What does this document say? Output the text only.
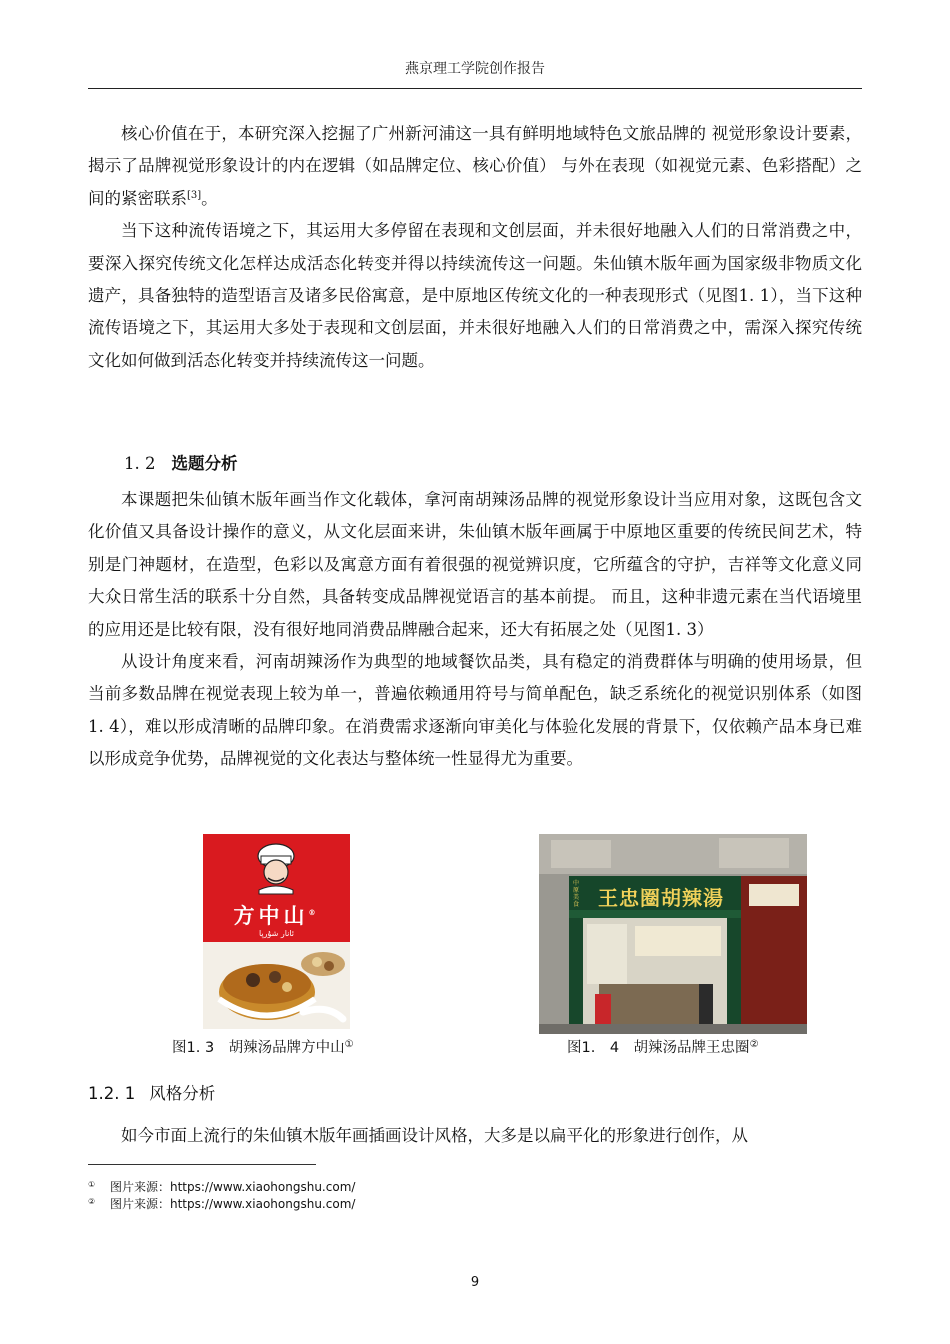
燕京理工学院创作报告

核心价值在于，本研究深入挖掘了广州新河浦这一具有鲜明地域特色文旅品牌的 视觉形象设计要素，揭示了品牌视觉形象设计的内在逻辑（如品牌定位、核心价值） 与外在表现（如视觉元素、色彩搭配）之间的紧密联系[3]。

当下这种流传语境之下，其运用大多停留在表现和文创层面，并未很好地融入人们的日常消费之中，要深入探究传统文化怎样达成活态化转变并得以持续流传这一问题。朱仙镇木版年画为国家级非物质文化遗产，具备独特的造型语言及诸多民俗寓意，是中原地区传统文化的一种表现形式（见图1. 1），当下这种流传语境之下，其运用大多处于表现和文创层面，并未很好地融入人们的日常消费之中，需深入探究传统文化如何做到活态化转变并持续流传这一问题。

1. 2 选题分析

本课题把朱仙镇木版年画当作文化载体，拿河南胡辣汤品牌的视觉形象设计当应用对象，这既包含文化价值又具备设计操作的意义，从文化层面来讲，朱仙镇木版年画属于中原地区重要的传统民间艺术，特别是门神题材，在造型，色彩以及寓意方面有着很强的视觉辨识度，它所蕴含的守护，吉祥等文化意义同大众日常生活的联系十分自然，具备转变成品牌视觉语言的基本前提。 而且，这种非遗元素在当代语境里的应用还是比较有限，没有很好地同消费品牌融合起来，还大有拓展之处（见图1. 3）

从设计角度来看，河南胡辣汤作为典型的地域餐饮品类，具有稳定的消费群体与明确的使用场景，但当前多数品牌在视觉表现上较为单一，普遍依赖通用符号与简单配色，缺乏系统化的视觉识别体系（如图1. 4），难以形成清晰的品牌印象。在消费需求逐渐向审美化与体验化发展的背景下，仅依赖产品本身已难以形成竞争优势，品牌视觉的文化表达与整体统一性显得尤为重要。

方中山®
ئانار شۇرپا
图1. 3　胡辣汤品牌方中山①
中原美食 王忠圈胡辣湯
图1.　4　胡辣汤品牌王忠圈②
1.2. 1 风格分析

如今市面上流行的朱仙镇木版年画插画设计风格，大多是以扁平化的形象进行创作，从

① 图片来源：https://www.xiaohongshu.com/
② 图片来源：https://www.xiaohongshu.com/
9
